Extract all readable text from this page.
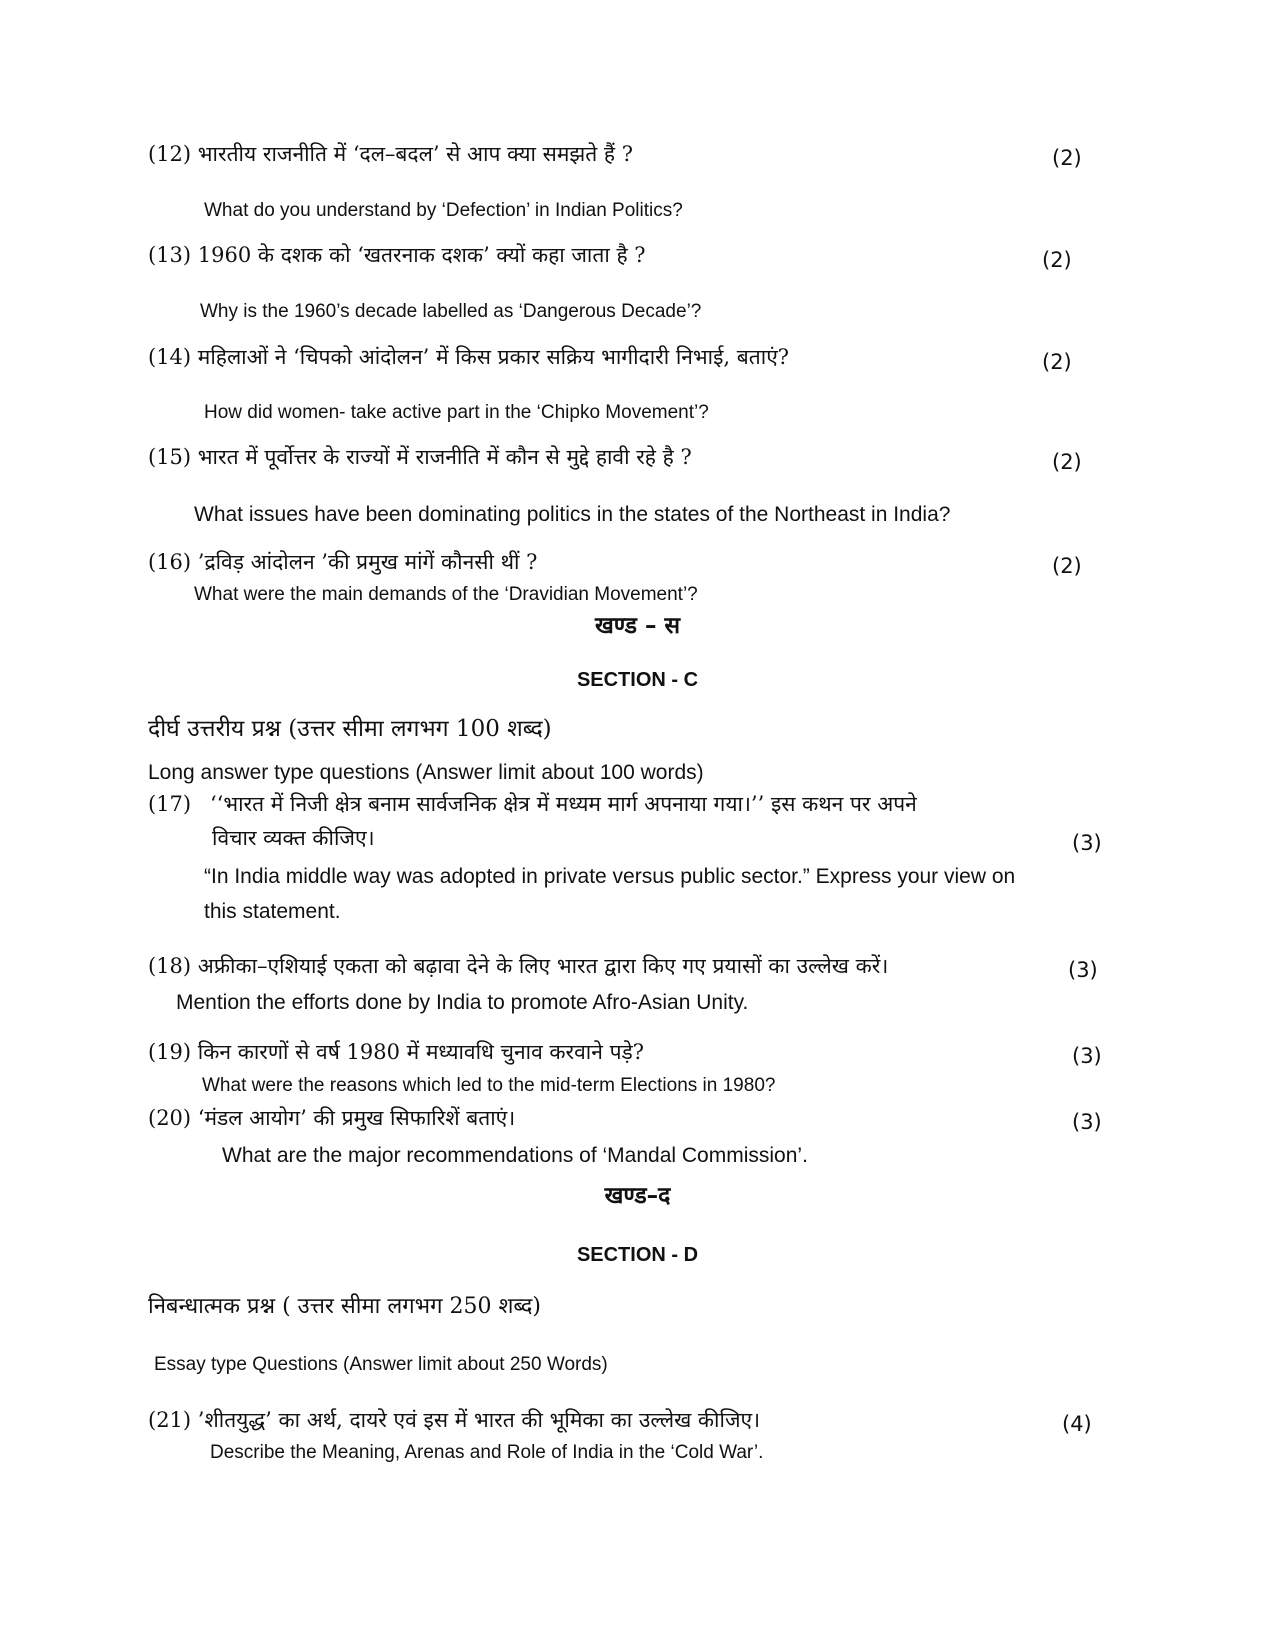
(12) भारतीय राजनीति में ‘दल–बदल’ से आप क्या समझते हैं ?	(2)
What do you understand by ‘Defection’ in Indian Politics?
(13) 1960 के दशक को ‘खतरनाक दशक’ क्यों कहा जाता है ?	(2)
Why is the 1960’s decade labelled as ‘Dangerous Decade’?
(14) महिलाओं ने ‘चिपको आंदोलन’ में किस प्रकार सक्रिय भागीदारी निभाई, बताएं?	(2)
How did women- take active part in the ‘Chipko Movement’?
(15) भारत में पूर्वोत्तर के राज्यों में राजनीति में कौन से मुद्दे हावी रहे है ?	(2)
What issues have been dominating politics in the states of the Northeast in India?
(16) ’द्रविड़ आंदोलन ’की प्रमुख मांगें कौनसी थीं ?	(2)
What were the main demands of the ‘Dravidian Movement’?
खण्ड – स
SECTION - C
दीर्घ उत्तरीय प्रश्न (उत्तर सीमा लगभग 100 शब्द)
Long answer type questions (Answer limit about 100 words)
(17) ‘‘भारत में निजी क्षेत्र बनाम सार्वजनिक क्षेत्र में मध्यम मार्ग अपनाया गया।’’ इस कथन पर अपने
विचार व्यक्त कीजिए।	(3)
“In India middle way was adopted in private versus public sector.” Express your view on
this statement.
(18) अफ्रीका–एशियाई एकता को बढ़ावा देने के लिए भारत द्वारा किए गए प्रयासों का उल्लेख करें।	(3)
Mention the efforts done by India to promote Afro-Asian Unity.
(19) किन कारणों से वर्ष 1980 में मध्यावधि चुनाव करवाने पड़े?	(3)
What were the reasons which led to the mid-term Elections in 1980?
(20) ‘मंडल आयोग’ की प्रमुख सिफारिशें बताएं।	(3)
What are the major recommendations of ‘Mandal Commission’.
खण्ड–द
SECTION - D
निबन्धात्मक प्रश्न ( उत्तर सीमा लगभग 250 शब्द)
Essay type Questions (Answer limit about 250 Words)
(21) ’शीतयुद्ध’ का अर्थ, दायरे एवं इस में भारत की भूमिका का उल्लेख कीजिए।	(4)
Describe the Meaning, Arenas and Role of India in the ‘Cold War’.
